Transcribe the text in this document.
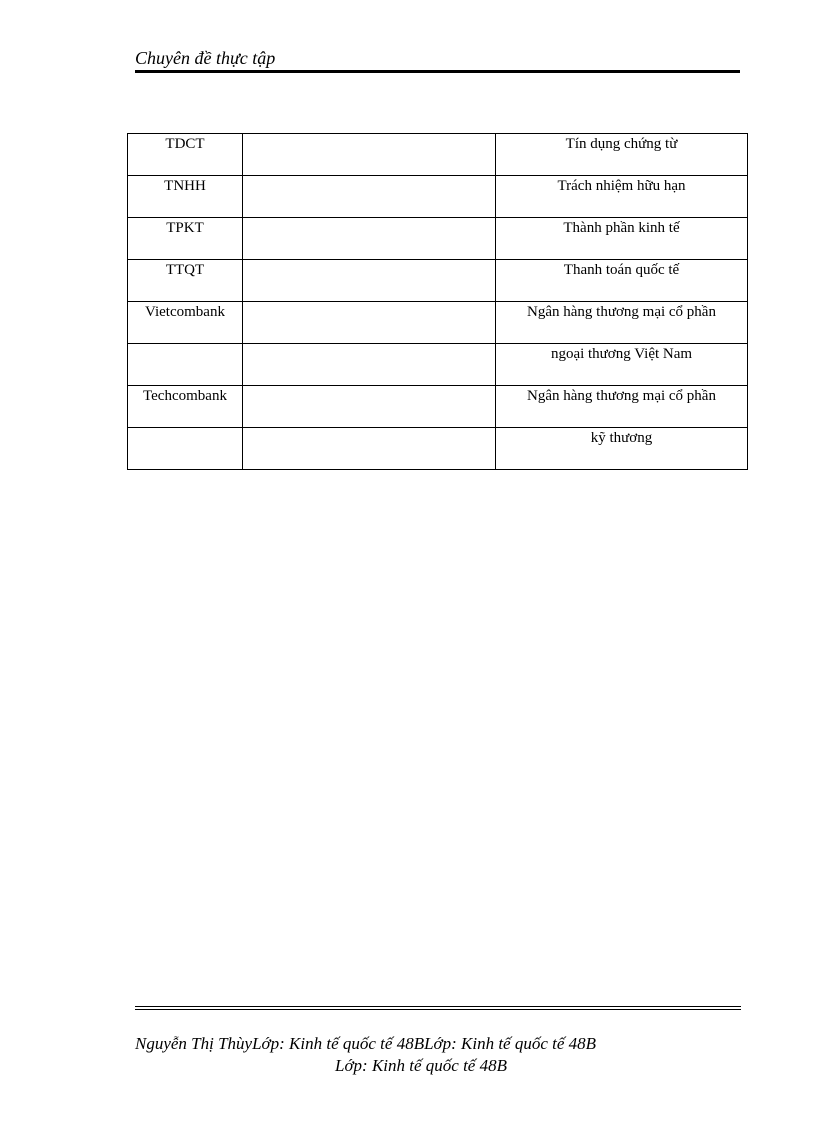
Chuyên đề thực tập
TDCT		Tín dụng chứng từ

TNHH		Trách nhiệm hữu hạn

TPKT		Thành phần kinh tế

TTQT		Thanh toán quốc tế

Vietcombank		Ngân hàng thương mại cổ phần

		ngoại thương Việt Nam

Techcombank		Ngân hàng thương mại cổ phần

		kỹ thương
Nguyễn Thị ThùyLớp: Kinh tế quốc tế 48BLớp: Kinh tế quốc tế 48B
Lớp: Kinh tế quốc tế 48B
